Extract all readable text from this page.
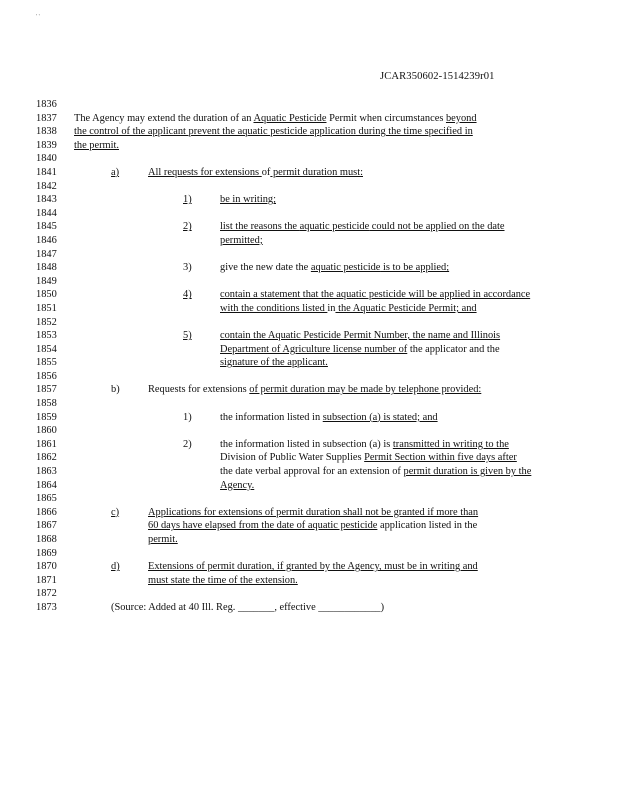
' '
JCAR350602-1514239r01
1836
1837	The Agency may extend the duration of an Aquatic Pesticide Permit when circumstances beyond
1838	the control of the applicant prevent the aquatic pesticide application during the time specified in
1839	the permit.
1840
1841	a)	All requests for extensions of permit duration must:
1842
1843	1)	be in writing;
1844
1845	2)	list the reasons the aquatic pesticide could not be applied on the date
1846	permitted;
1847
1848	3)	give the new date the aquatic pesticide is to be applied;
1849
1850	4)	contain a statement that the aquatic pesticide will be applied in accordance
1851	with the conditions listed in the Aquatic Pesticide Permit; and
1852
1853	5)	contain the Aquatic Pesticide Permit Number, the name and Illinois
1854	Department of Agriculture license number of the applicator and the
1855	signature of the applicant.
1856
1857	b)	Requests for extensions of permit duration may be made by telephone provided:
1858
1859	1)	the information listed in subsection (a) is stated; and
1860
1861	2)	the information listed in subsection (a) is transmitted in writing to the
1862	Division of Public Water Supplies Permit Section within five days after
1863	the date verbal approval for an extension of permit duration is given by the
1864	Agency.
1865
1866	c)	Applications for extensions of permit duration shall not be granted if more than
1867	60 days have elapsed from the date of aquatic pesticide application listed in the
1868	permit.
1869
1870	d)	Extensions of permit duration, if granted by the Agency, must be in writing and
1871	must state the time of the extension.
1872
1873	(Source: Added at 40 Ill. Reg. _______, effective ____________)
